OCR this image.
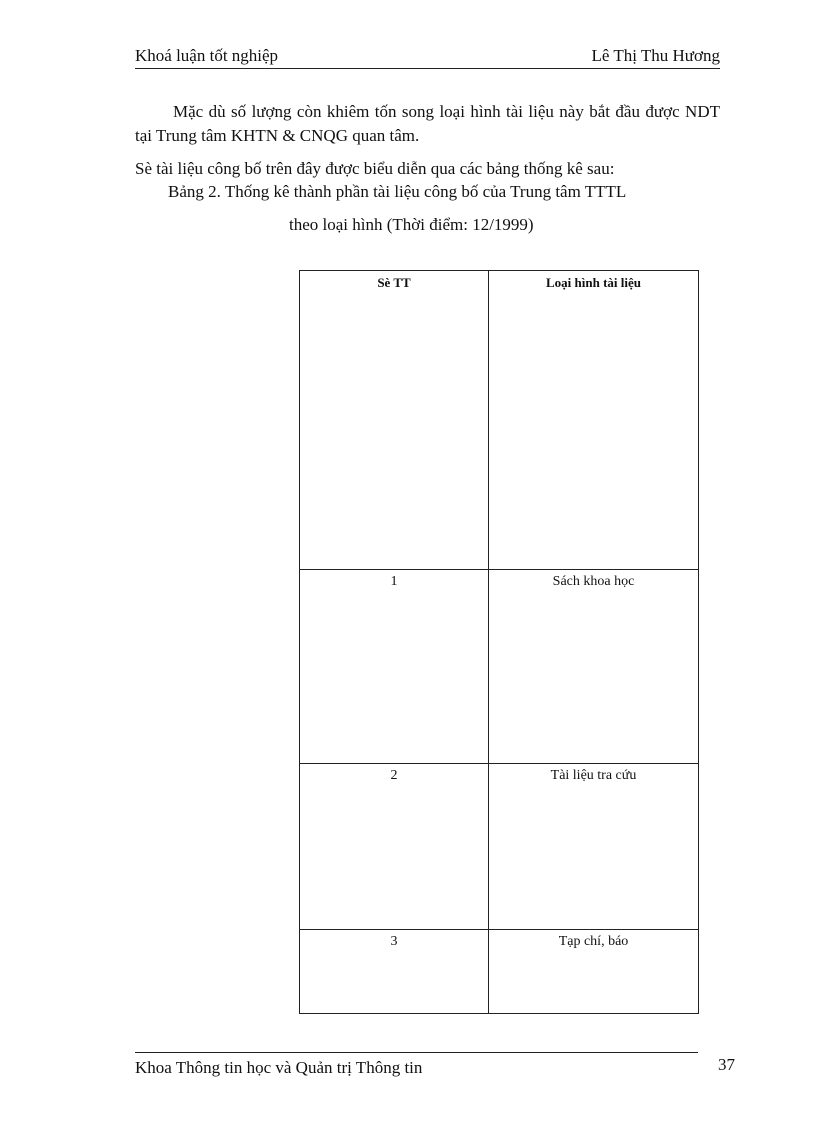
Khoá luận tốt nghiệp	Lê Thị Thu Hương

Mặc dù số lượng còn khiêm tốn song loại hình tài liệu này bắt đầu được NDT tại Trung tâm KHTN & CNQG quan tâm.

Sè tài liệu công bố trên đây được biểu diễn qua các bảng thống kê sau:

Bảng 2. Thống kê thành phần tài liệu công bố của Trung tâm TTTL
theo loại hình (Thời điểm: 12/1999)
Sè TT	Loại hình tài liệu
1	Sách khoa học
2	Tài liệu tra cứu
3	Tạp chí, báo
Khoa Thông tin học và Quản trị Thông tin	37
